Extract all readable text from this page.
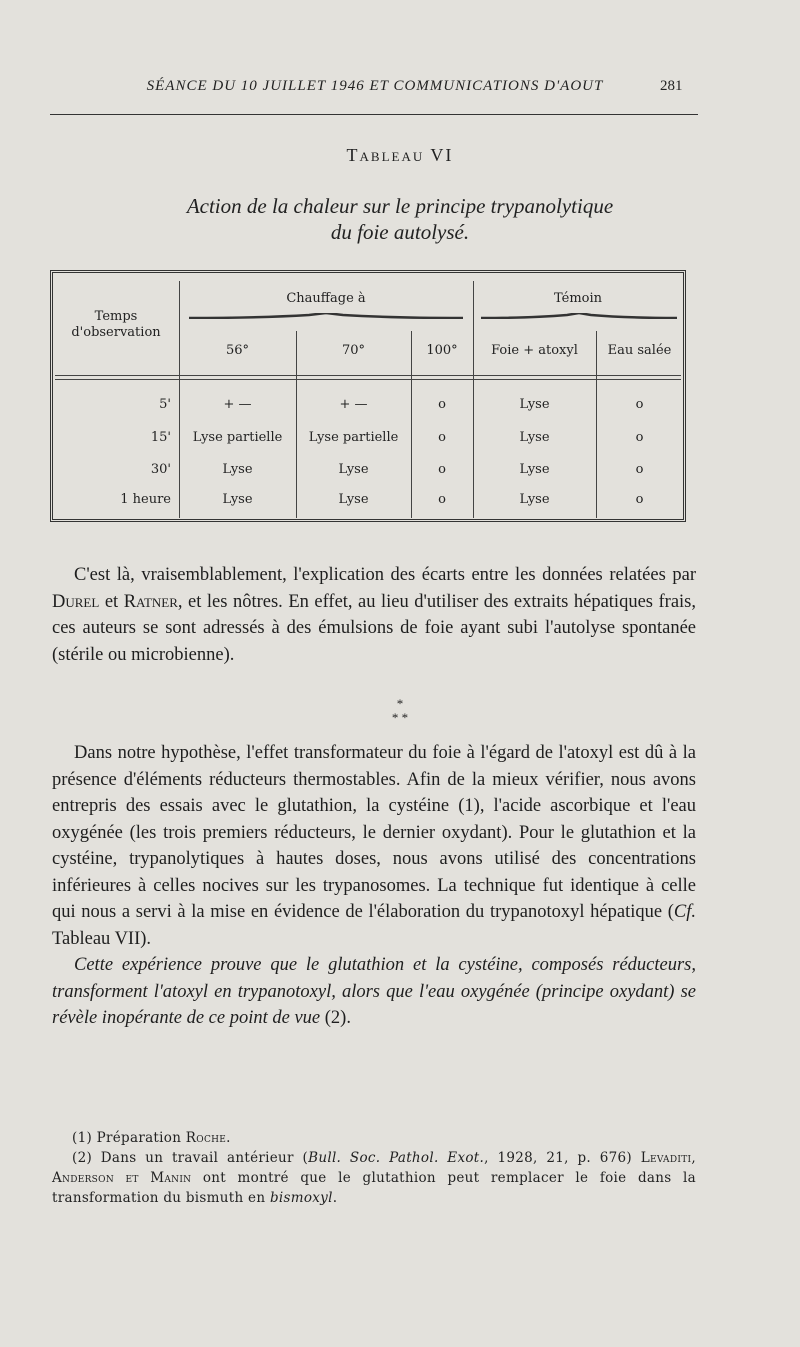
SÉANCE DU 10 JUILLET 1946 ET COMMUNICATIONS D'AOUT	281
Tableau VI
Action de la chaleur sur le principe trypanolytique
du foie autolysé.
Temps
d'observation
Chauffage à	Témoin
56°	70°	100°	Foie + atoxyl	Eau salée
5'	+ —	+ —	o	Lyse	o
15'	Lyse partielle	Lyse partielle	o	Lyse	o
30'	Lyse	Lyse	o	Lyse	o
1 heure	Lyse	Lyse	o	Lyse	o

C'est là, vraisemblablement, l'explication des écarts entre les données relatées par Durel et Ratner, et les nôtres. En effet, au lieu d'utiliser des extraits hépatiques frais, ces auteurs se sont adressés à des émulsions de foie ayant subi l'autolyse spontanée (stérile ou microbienne).

*
* *

Dans notre hypothèse, l'effet transformateur du foie à l'égard de l'atoxyl est dû à la présence d'éléments réducteurs thermostables. Afin de la mieux vérifier, nous avons entrepris des essais avec le glutathion, la cystéine (1), l'acide ascorbique et l'eau oxygénée (les trois premiers réducteurs, le dernier oxydant). Pour le glutathion et la cystéine, trypanolytiques à hautes doses, nous avons utilisé des concentrations inférieures à celles nocives sur les trypanosomes. La technique fut identique à celle qui nous a servi à la mise en évidence de l'élaboration du trypanotoxyl hépatique (Cf. Tableau VII).

Cette expérience prouve que le glutathion et la cystéine, composés réducteurs, transforment l'atoxyl en trypanotoxyl, alors que l'eau oxygénée (principe oxydant) se révèle inopérante de ce point de vue (2).

(1) Préparation Roche.
(2) Dans un travail antérieur (Bull. Soc. Pathol. Exot., 1928, 21, p. 676) Levaditi, Anderson et Manin ont montré que le glutathion peut remplacer le foie dans la transformation du bismuth en bismoxyl.
